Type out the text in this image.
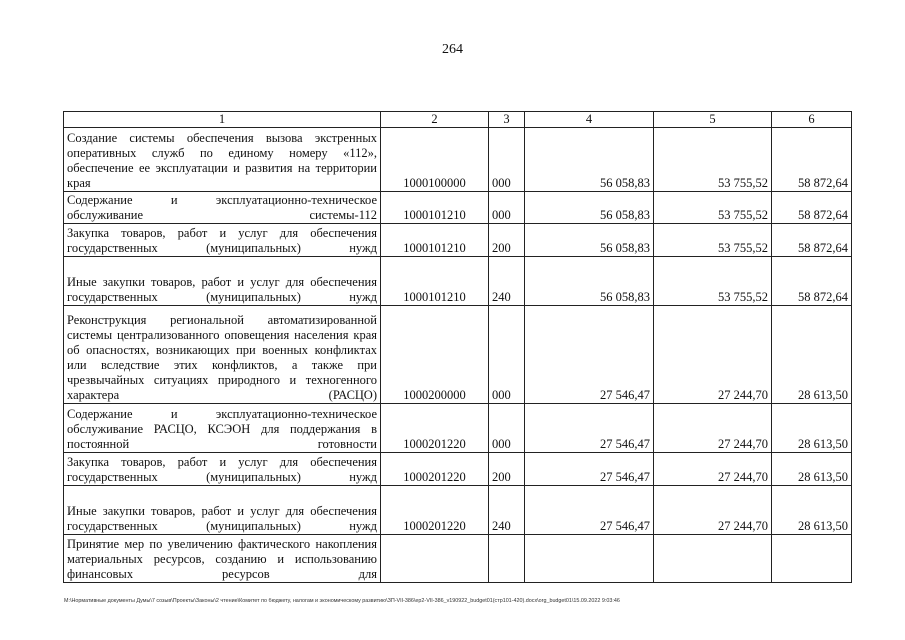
264
1	2	3	4	5	6
Создание системы обеспечения вызова экстренных оперативных служб по единому номеру «112», обеспечение ее эксплуатации и развития на территории края	1000100000	000	56 058,83	53 755,52	58 872,64
Содержание и эксплуатационно-техническое обслуживание системы-112	1000101210	000	56 058,83	53 755,52	58 872,64
Закупка товаров, работ и услуг для обеспечения государственных (муниципальных) нужд	1000101210	200	56 058,83	53 755,52	58 872,64
Иные закупки товаров, работ и услуг для обеспечения государственных (муниципальных) нужд	1000101210	240	56 058,83	53 755,52	58 872,64
Реконструкция региональной автоматизированной системы централизованного оповещения населения края об опасностях, возникающих при военных конфликтах или вследствие этих конфликтов, а также при чрезвычайных ситуациях природного и техногенного характера (РАСЦО)	1000200000	000	27 546,47	27 244,70	28 613,50
Содержание и эксплуатационно-техническое обслуживание РАСЦО, КСЭОН для поддержания в постоянной готовности	1000201220	000	27 546,47	27 244,70	28 613,50
Закупка товаров, работ и услуг для обеспечения государственных (муниципальных) нужд	1000201220	200	27 546,47	27 244,70	28 613,50
Иные закупки товаров, работ и услуг для обеспечения государственных (муниципальных) нужд	1000201220	240	27 546,47	27 244,70	28 613,50
Принятие мер по увеличению фактического накопления материальных ресурсов, созданию и использованию финансовых ресурсов для					
M:\Нормативные документы Думы\7 созыв\Проекты\Законы\2 чтение\Комитет по бюджету, налогам и экономическому развитию\ЗП-VII-386\ep2-VII-386_v190922_budget01(стр101-420).docx\org_budget01\15.09.2022 9:03:46
